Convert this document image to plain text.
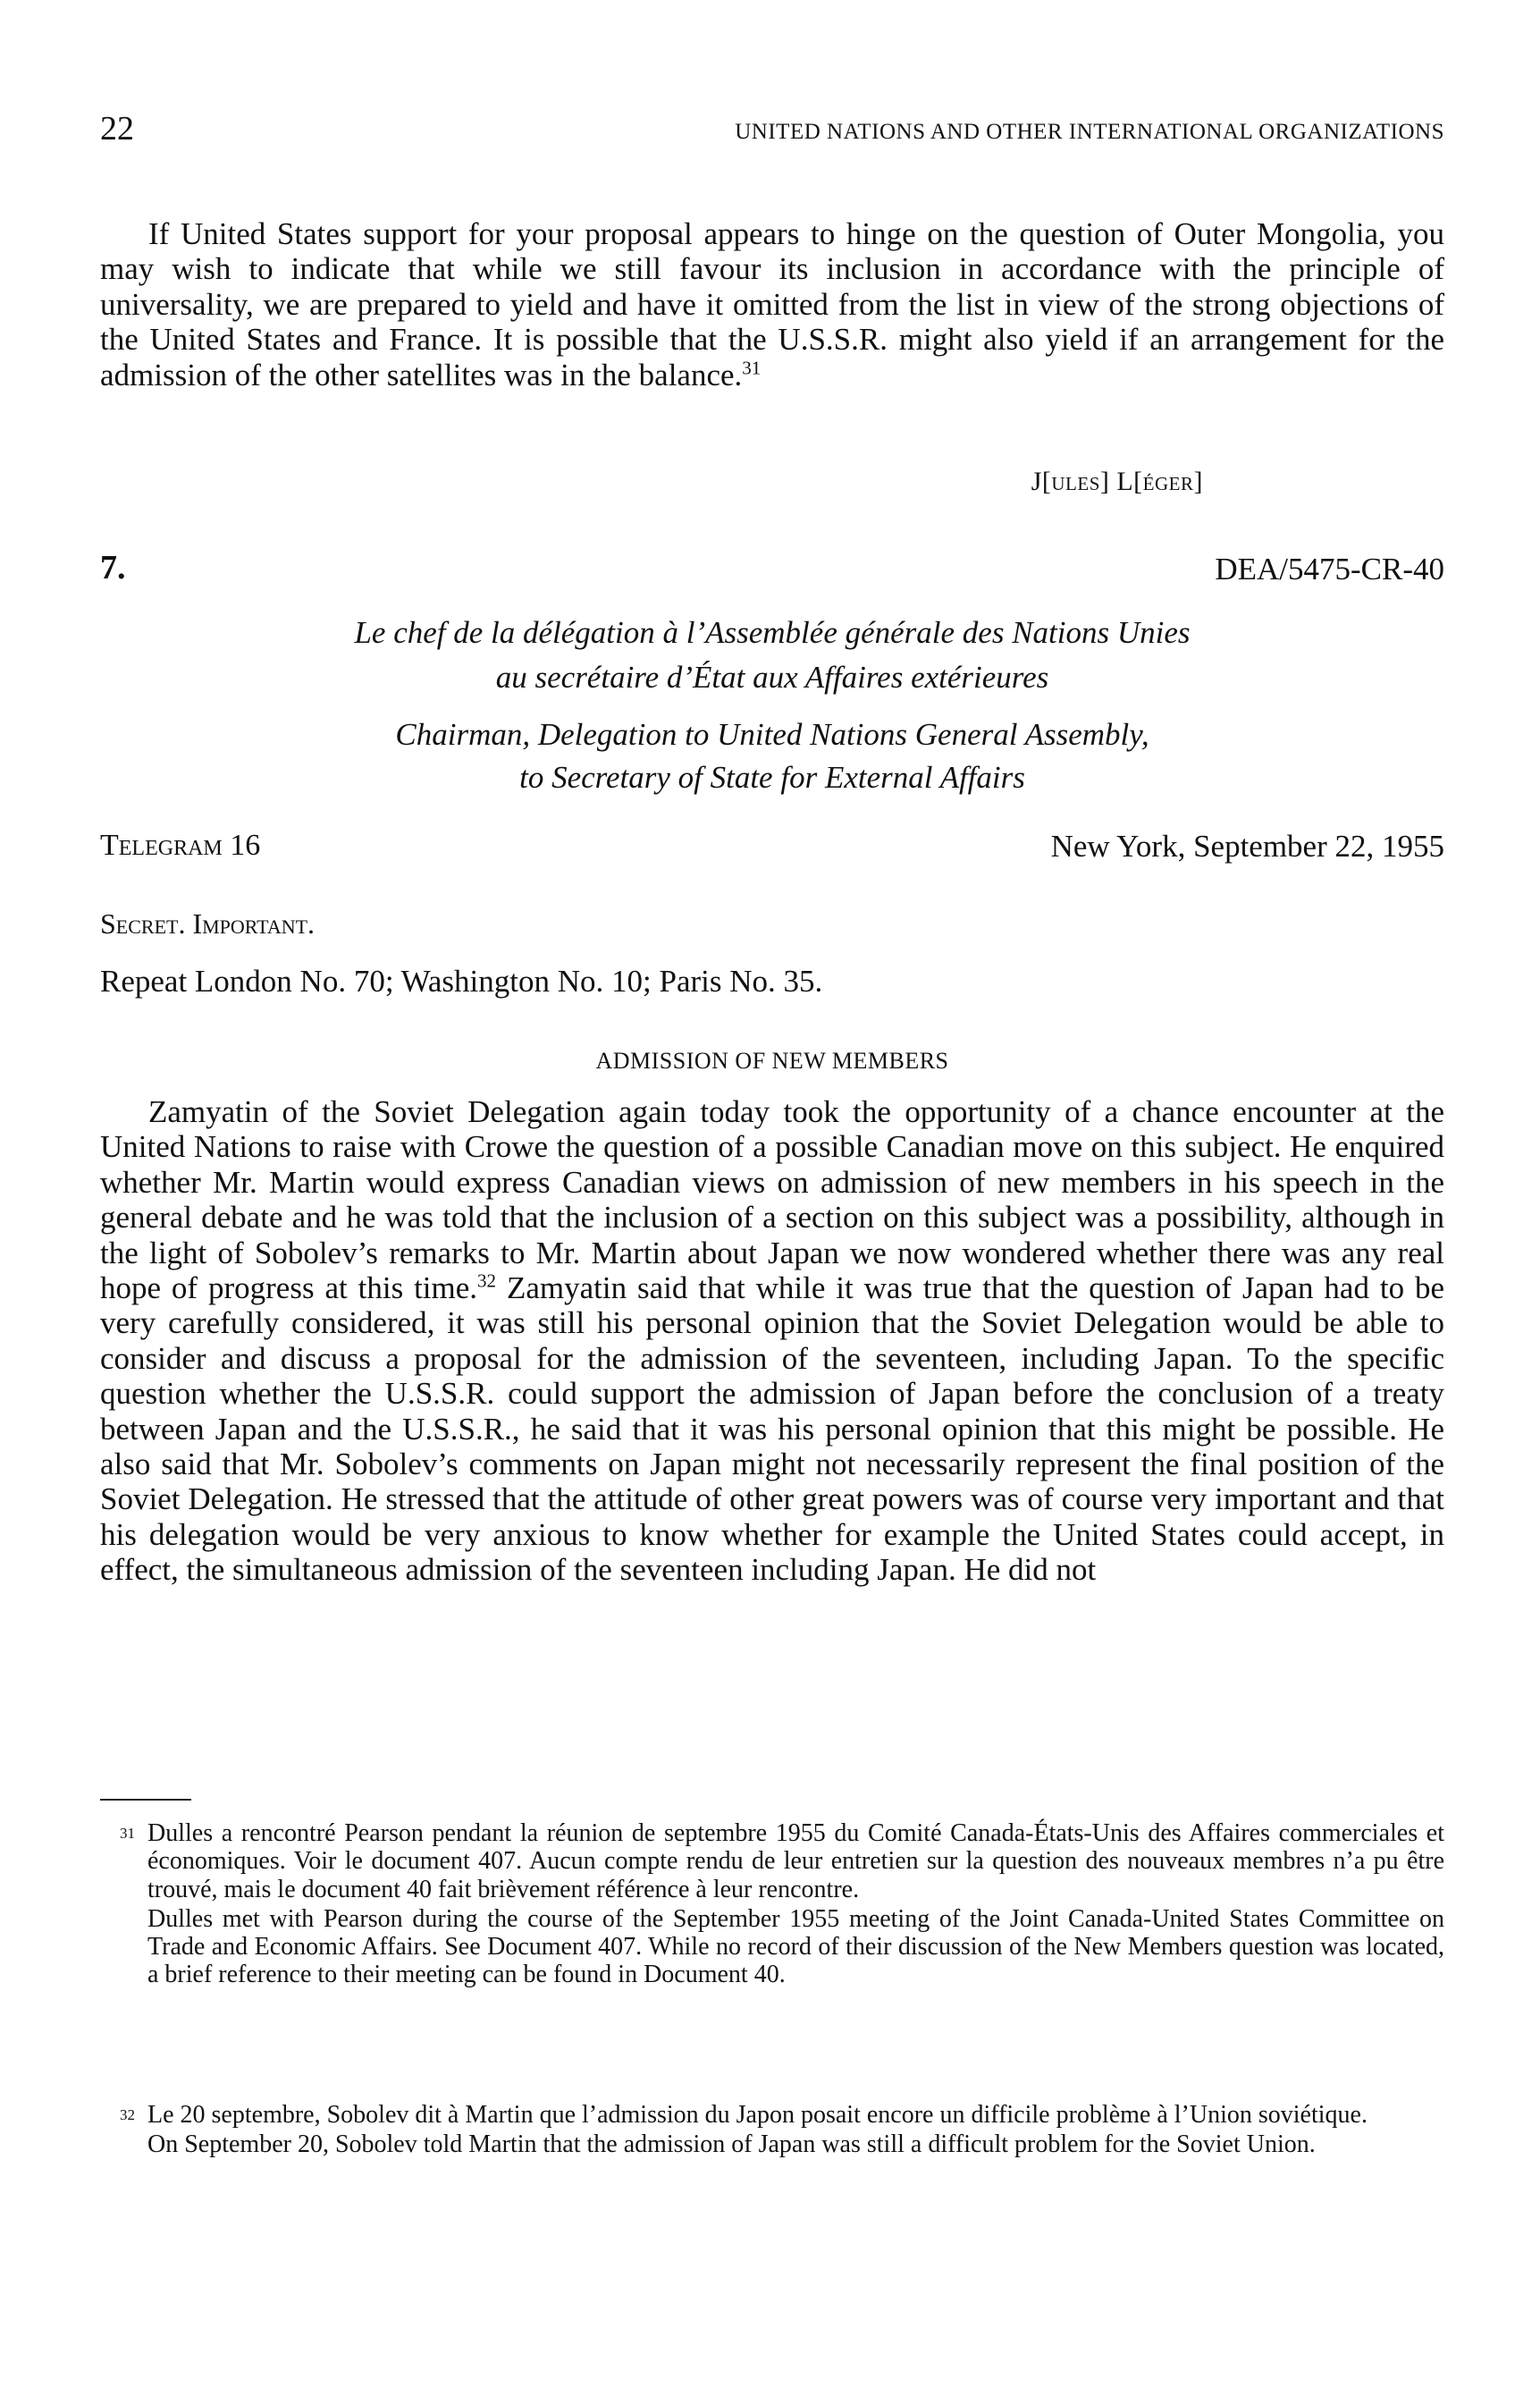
22	UNITED NATIONS AND OTHER INTERNATIONAL ORGANIZATIONS

If United States support for your proposal appears to hinge on the question of Outer Mongolia, you may wish to indicate that while we still favour its inclusion in accordance with the principle of universality, we are prepared to yield and have it omitted from the list in view of the strong objections of the United States and France. It is possible that the U.S.S.R. might also yield if an arrangement for the admission of the other satellites was in the balance.$^{31}$

J[ules] L[éger]
7.	DEA/5475-CR-40
Le chef de la délégation à l’Assemblée générale des Nations Unies
au secrétaire d’État aux Affaires extérieures
Chairman, Delegation to United Nations General Assembly,
to Secretary of State for External Affairs
Telegram 16	New York, September 22, 1955
Secret. Important.
Repeat London No. 70; Washington No. 10; Paris No. 35.
ADMISSION OF NEW MEMBERS

Zamyatin of the Soviet Delegation again today took the opportunity of a chance encounter at the United Nations to raise with Crowe the question of a possible Canadian move on this subject. He enquired whether Mr. Martin would express Canadian views on admission of new members in his speech in the general debate and he was told that the inclusion of a section on this subject was a possibility, although in the light of Sobolev’s remarks to Mr. Martin about Japan we now wondered whether there was any real hope of progress at this time.$^{32}$ Zamyatin said that while it was true that the question of Japan had to be very carefully considered, it was still his personal opinion that the Soviet Delegation would be able to consider and discuss a proposal for the admission of the seventeen, including Japan. To the specific question whether the U.S.S.R. could support the admission of Japan before the conclusion of a treaty between Japan and the U.S.S.R., he said that it was his personal opinion that this might be possible. He also said that Mr. Sobolev’s comments on Japan might not necessarily represent the final position of the Soviet Delegation. He stressed that the attitude of other great powers was of course very important and that his delegation would be very anxious to know whether for example the United States could accept, in effect, the simultaneous admission of the seventeen including Japan. He did not

31 Dulles a rencontré Pearson pendant la réunion de septembre 1955 du Comité Canada-États-Unis des Affaires commerciales et économiques. Voir le document 407. Aucun compte rendu de leur entretien sur la question des nouveaux membres n’a pu être trouvé, mais le document 40 fait brièvement référence à leur rencontre.
Dulles met with Pearson during the course of the September 1955 meeting of the Joint Canada-United States Committee on Trade and Economic Affairs. See Document 407. While no record of their discussion of the New Members question was located, a brief reference to their meeting can be found in Document 40.
32 Le 20 septembre, Sobolev dit à Martin que l’admission du Japon posait encore un difficile problème à l’Union soviétique.
On September 20, Sobolev told Martin that the admission of Japan was still a difficult problem for the Soviet Union.
